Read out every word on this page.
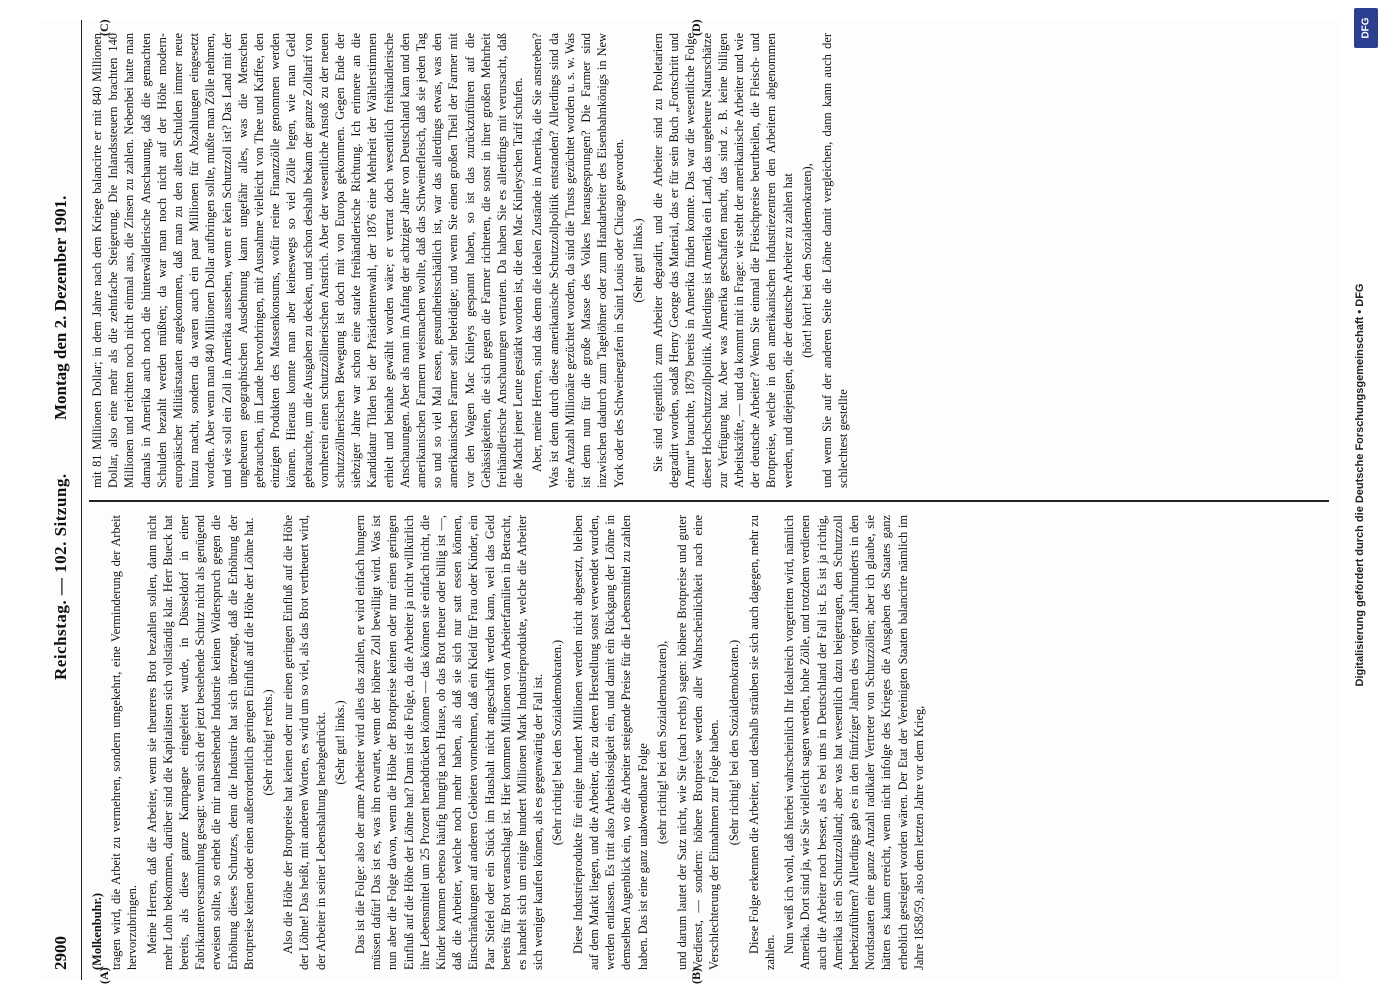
2900
Reichstag. — 102. Sitzung.
Montag den 2. Dezember 1901.
(A)	(B)
(C)	(D)

(Molkenbuhr.) tragen wird, die Arbeit zu vermehren, sondern umgekehrt, eine Verminderung der Arbeit hervorzubringen. Meine Herren, daß die Arbeiter, wenn sie theureres Brot bezahlen sollen, dann nicht mehr Lohn bekommen, darüber sind die Kapitalisten sich vollständig klar. Herr Bueck hat bereits, als diese ganze Kampagne eingeleitet wurde, in Düsseldorf in einer Fabrikantenversammlung gesagt: wenn sich der jetzt bestehende Schutz nicht als genügend erweisen sollte, so erhebt die mir nahestehende Industrie keinen Widerspruch gegen die Erhöhung dieses Schutzes, denn die Industrie hat sich überzeugt, daß die Erhöhung der Brotpreise keinen oder einen außerordentlich geringen Einfluß auf die Höhe der Löhne hat. (Sehr richtig! rechts.) Also die Höhe der Brotpreise hat keinen oder nur einen geringen Einfluß auf die Höhe der Löhne! Das heißt, mit anderen Worten, es wird um so viel, als das Brot vertheuert wird, der Arbeiter in seiner Lebenshaltung herabgedrückt. (Sehr gut! links.) Das ist die Folge: also der arme Arbeiter wird alles das zahlen, er wird einfach hungern müssen dafür! Das ist es, was ihn erwartet, wenn der höhere Zoll bewilligt wird. Was ist nun aber die Folge davon, wenn die Höhe der Brotpreise keinen oder nur einen geringen Einfluß auf die Höhe der Löhne hat? Dann ist die Folge, da die Arbeiter ja nicht willkürlich ihre Lebensmittel um 25 Prozent herabdrücken können — das können sie einfach nicht, die Kinder kommen ebenso häufig hungrig nach Hause, ob das Brot theuer oder billig ist —, daß die Arbeiter, welche noch mehr haben, als daß sie sich nur satt essen können, Einschränkungen auf anderen Gebieten vornehmen, daß ein Kleid für Frau oder Kinder, ein Paar Stiefel oder ein Stück im Haushalt nicht angeschafft werden kann, weil das Geld bereits für Brot veranschlagt ist. Hier kommen Millionen von Arbeiterfamilien in Betracht, es handelt sich um einige hundert Millionen Mark Industrieprodukte, welche die Arbeiter sich weniger kaufen können, als es gegenwärtig der Fall ist. (Sehr richtig! bei den Sozialdemokraten.) Diese Industrieprodukte für einige hundert Millionen werden nicht abgesetzt, bleiben auf dem Markt liegen, und die Arbeiter, die zu deren Herstellung sonst verwendet wurden, werden entlassen. Es tritt also Arbeitslosigkeit ein, und damit ein Rückgang der Löhne in demselben Augenblick ein, wo die Arbeiter steigende Preise für die Lebensmittel zu zahlen haben. Das ist eine ganz unabwendbare Folge

(sehr richtig! bei den Sozialdemokraten), und darum lautet der Satz nicht, wie Sie (nach rechts) sagen: höhere Brotpreise und guter Verdienst, — sondern: höhere Brotpreise werden aller Wahrscheinlichkeit nach eine Verschlechterung der Einnahmen zur Folge haben. (Sehr richtig! bei den Sozialdemokraten.) Diese Folge erkennen die Arbeiter, und deshalb sträuben sie sich auch dagegen, mehr zu zahlen. Nun weiß ich wohl, daß hierbei wahrscheinlich Ihr Idealreich vorgeritten wird, nämlich Amerika. Dort sind ja, wie Sie vielleicht sagen werden, hohe Zölle, und trotzdem verdienen auch die Arbeiter noch besser, als es bei uns in Deutschland der Fall ist. Es ist ja richtig, Amerika ist ein Schutzzolland; aber was hat wesentlich dazu beigetragen, den Schutzzoll herbeizuführen? Allerdings gab es in den fünfziger Jahren des vorigen Jahrhunderts in den Nordstaaten eine ganze Anzahl radikaler Vertreter von Schutzzöllen; aber ich glaube, sie hätten es kaum erreicht, wenn nicht infolge des Krieges die Ausgaben des Staates ganz erheblich gesteigert worden wären. Der Etat der Vereinigten Staaten balancirte nämlich im Jahre 1858/59, also dem letzten Jahre vor dem Krieg,

mit 81 Millionen Dollar; in dem Jahre nach dem Kriege balancirte er mit 840 Millionen Dollar, also eine mehr als die zehnfache Steigerung. Die Inlandssteuern brachten 140 Millionen und reichten noch nicht einmal aus, die Zinsen zu zahlen. Nebenbei hatte man damals in Amerika auch noch die hinterwäldlerische Anschauung, daß die gemachten Schulden bezahlt werden müßten; da war man noch nicht auf der Höhe modern-europäischer Militärstaaten angekommen, daß man zu den alten Schulden immer neue hinzu macht, sondern da waren auch ein paar Millionen für Abzahlungen eingesetzt worden. Aber wenn man 840 Millionen Dollar aufbringen sollte, mußte man Zölle nehmen, und wie soll ein Zoll in Amerika aussehen, wenn er kein Schutzzoll ist? Das Land mit der ungeheuren geographischen Ausdehnung kann ungefähr alles, was die Menschen gebrauchen, im Lande hervorbringen, mit Ausnahme vielleicht von Thee und Kaffee, den einzigen Produkten des Massenkonsums, wofür reine Finanzzölle genommen werden können. Hieraus konnte man aber keineswegs so viel Zölle legen, wie man Geld gebrauchte, um die Ausgaben zu decken, und schon deshalb bekam der ganze Zolltarif von vornherein einen schutzzöllnerischen Anstrich. Aber der wesentliche Anstoß zu der neuen schutzzöllnerischen Bewegung ist doch mit von Europa gekommen. Gegen Ende der siebziger Jahre war schon eine starke freihändlerische Richtung. Ich erinnere an die Kandidatur Tilden bei der Präsidentenwahl, der 1876 eine Mehrheit der Wählerstimmen erhielt und beinahe gewählt worden wäre; er vertrat doch wesentlich freihändlerische Anschauungen. Aber als man im Anfang der achtziger Jahre von Deutschland kam und den amerikanischen Farmern weismachen wollte, daß das Schweinefleisch, daß sie jeden Tag so und so viel Mal essen, gesundheitsschädlich ist, war das allerdings etwas, was den amerikanischen Farmer sehr beleidigte; und wenn Sie einen großen Theil der Farmer mit vor den Wagen Mac Kinleys gespannt haben, so ist das zurückzuführen auf die Gehässigkeiten, die sich gegen die Farmer richteten, die sonst in ihrer großen Mehrheit freihändlerische Anschauungen vertraten. Da haben Sie es allerdings mit verursacht, daß die Macht jener Leute gestärkt worden ist, die den Mac Kinleyschen Tarif schufen. Aber, meine Herren, sind das denn die idealen Zustände in Amerika, die Sie anstreben? Was ist denn durch diese amerikanische Schutzzollpolitik entstanden? Allerdings sind da eine Anzahl Millionäre gezüchtet worden, da sind die Trusts gezüchtet worden u. s. w. Was ist denn nun für die große Masse des Volkes herausgesprungen? Die Farmer sind inzwischen dadurch zum Tagelöhner oder zum Handarbeiter des Eisenbahnkönigs in New York oder des Schweinegrafen in Saint Louis oder Chicago geworden. (Sehr gut! links.) Sie sind eigentlich zum Arbeiter degradirt, und die Arbeiter sind zu Proletariern degradirt worden, sodaß Henry George das Material, das er für sein Buch „Fortschritt und Armut“ brauchte, 1879 bereits in Amerika finden konnte. Das war die wesentliche Folge dieser Hochschutzzollpolitik. Allerdings ist Amerika ein Land, das ungeheure Naturschätze zur Verfügung hat. Aber was Amerika geschaffen macht, das sind z. B. keine billigen Arbeitskräfte, — und da kommt mit in Frage: wie steht der amerikanische Arbeiter und wie der deutsche Arbeiter? Wenn Sie einmal die Fleischpreise beurtheilen, die Fleisch- und Brotpreise, welche in den amerikanischen Industriezentren den Arbeitern abgenommen werden, und diejenigen, die der deutsche Arbeiter zu zahlen hat (hört! hört! bei den Sozialdemokraten), und wenn Sie auf der anderen Seite die Löhne damit vergleichen, dann kann auch der schlechtest gestellte

DFG
Digitalisierung gefördert durch die Deutsche Forschungsgemeinschaft • DFG
